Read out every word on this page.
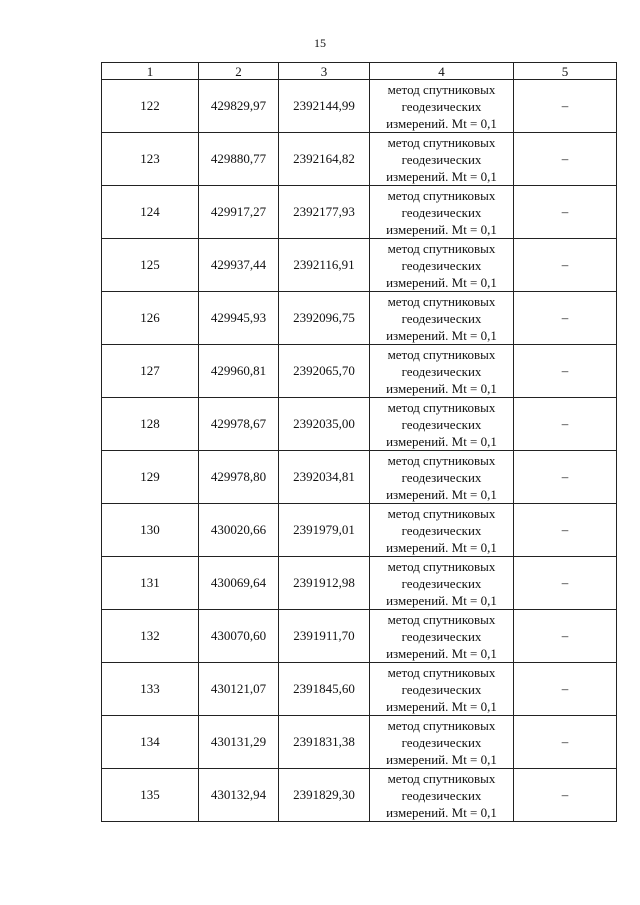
15
1	2	3	4	5
122	429829,97	2392144,99	метод спутниковых
геодезических
измерений. Mt = 0,1	–
123	429880,77	2392164,82	метод спутниковых
геодезических
измерений. Mt = 0,1	–
124	429917,27	2392177,93	метод спутниковых
геодезических
измерений. Mt = 0,1	–
125	429937,44	2392116,91	метод спутниковых
геодезических
измерений. Mt = 0,1	–
126	429945,93	2392096,75	метод спутниковых
геодезических
измерений. Mt = 0,1	–
127	429960,81	2392065,70	метод спутниковых
геодезических
измерений. Mt = 0,1	–
128	429978,67	2392035,00	метод спутниковых
геодезических
измерений. Mt = 0,1	–
129	429978,80	2392034,81	метод спутниковых
геодезических
измерений. Mt = 0,1	–
130	430020,66	2391979,01	метод спутниковых
геодезических
измерений. Mt = 0,1	–
131	430069,64	2391912,98	метод спутниковых
геодезических
измерений. Mt = 0,1	–
132	430070,60	2391911,70	метод спутниковых
геодезических
измерений. Mt = 0,1	–
133	430121,07	2391845,60	метод спутниковых
геодезических
измерений. Mt = 0,1	–
134	430131,29	2391831,38	метод спутниковых
геодезических
измерений. Mt = 0,1	–
135	430132,94	2391829,30	метод спутниковых
геодезических
измерений. Mt = 0,1	–
